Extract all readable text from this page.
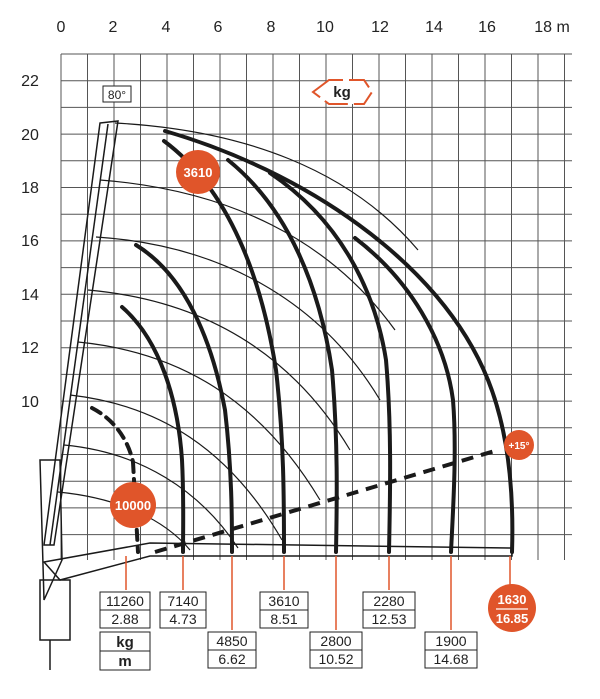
0	2	4	6	8	10 12 14 16 18 m
22
20
18
16
14
12
10
80°	kg
+15°
10000
3610
1630
16.85
11260
2.88
7140
4.73
4850
6.62
3610
8.51
2800
10.52
2280
12.53
1900
14.68
kg
m
